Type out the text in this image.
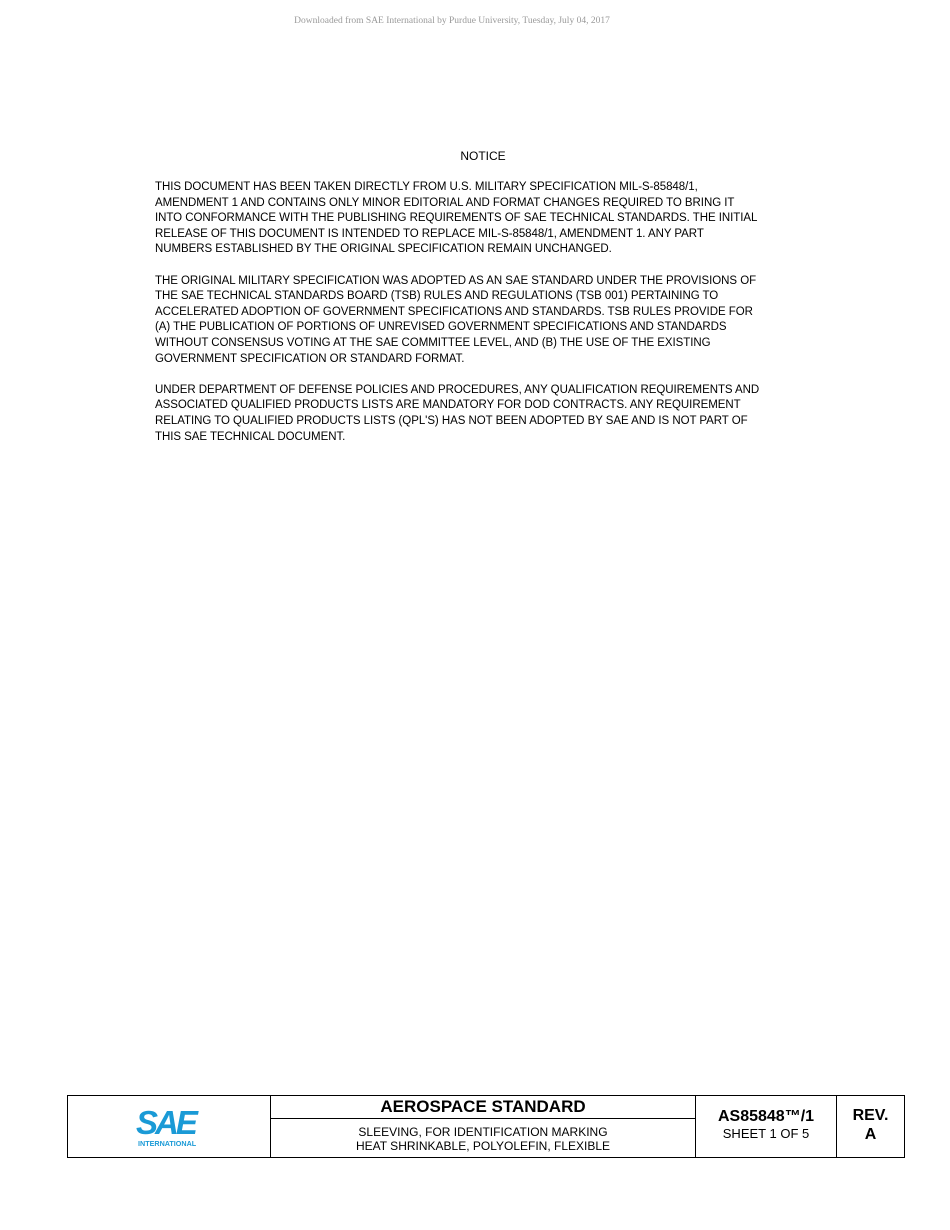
Downloaded from SAE International by Purdue University, Tuesday, July 04, 2017
NOTICE

THIS DOCUMENT HAS BEEN TAKEN DIRECTLY FROM U.S. MILITARY SPECIFICATION MIL-S-85848/1,
AMENDMENT 1 AND CONTAINS ONLY MINOR EDITORIAL AND FORMAT CHANGES REQUIRED TO BRING IT
INTO CONFORMANCE WITH THE PUBLISHING REQUIREMENTS OF SAE TECHNICAL STANDARDS. THE INITIAL
RELEASE OF THIS DOCUMENT IS INTENDED TO REPLACE MIL-S-85848/1, AMENDMENT 1. ANY PART
NUMBERS ESTABLISHED BY THE ORIGINAL SPECIFICATION REMAIN UNCHANGED.

THE ORIGINAL MILITARY SPECIFICATION WAS ADOPTED AS AN SAE STANDARD UNDER THE PROVISIONS OF
THE SAE TECHNICAL STANDARDS BOARD (TSB) RULES AND REGULATIONS (TSB 001) PERTAINING TO
ACCELERATED ADOPTION OF GOVERNMENT SPECIFICATIONS AND STANDARDS. TSB RULES PROVIDE FOR
(A) THE PUBLICATION OF PORTIONS OF UNREVISED GOVERNMENT SPECIFICATIONS AND STANDARDS
WITHOUT CONSENSUS VOTING AT THE SAE COMMITTEE LEVEL, AND (B) THE USE OF THE EXISTING
GOVERNMENT SPECIFICATION OR STANDARD FORMAT.

UNDER DEPARTMENT OF DEFENSE POLICIES AND PROCEDURES, ANY QUALIFICATION REQUIREMENTS AND
ASSOCIATED QUALIFIED PRODUCTS LISTS ARE MANDATORY FOR DOD CONTRACTS. ANY REQUIREMENT
RELATING TO QUALIFIED PRODUCTS LISTS (QPL'S) HAS NOT BEEN ADOPTED BY SAE AND IS NOT PART OF
THIS SAE TECHNICAL DOCUMENT.

SAE
INTERNATIONAL
AEROSPACE STANDARD
SLEEVING, FOR IDENTIFICATION MARKING
HEAT SHRINKABLE, POLYOLEFIN, FLEXIBLE
AS85848™/1
SHEET 1 OF 5
REV.
A
